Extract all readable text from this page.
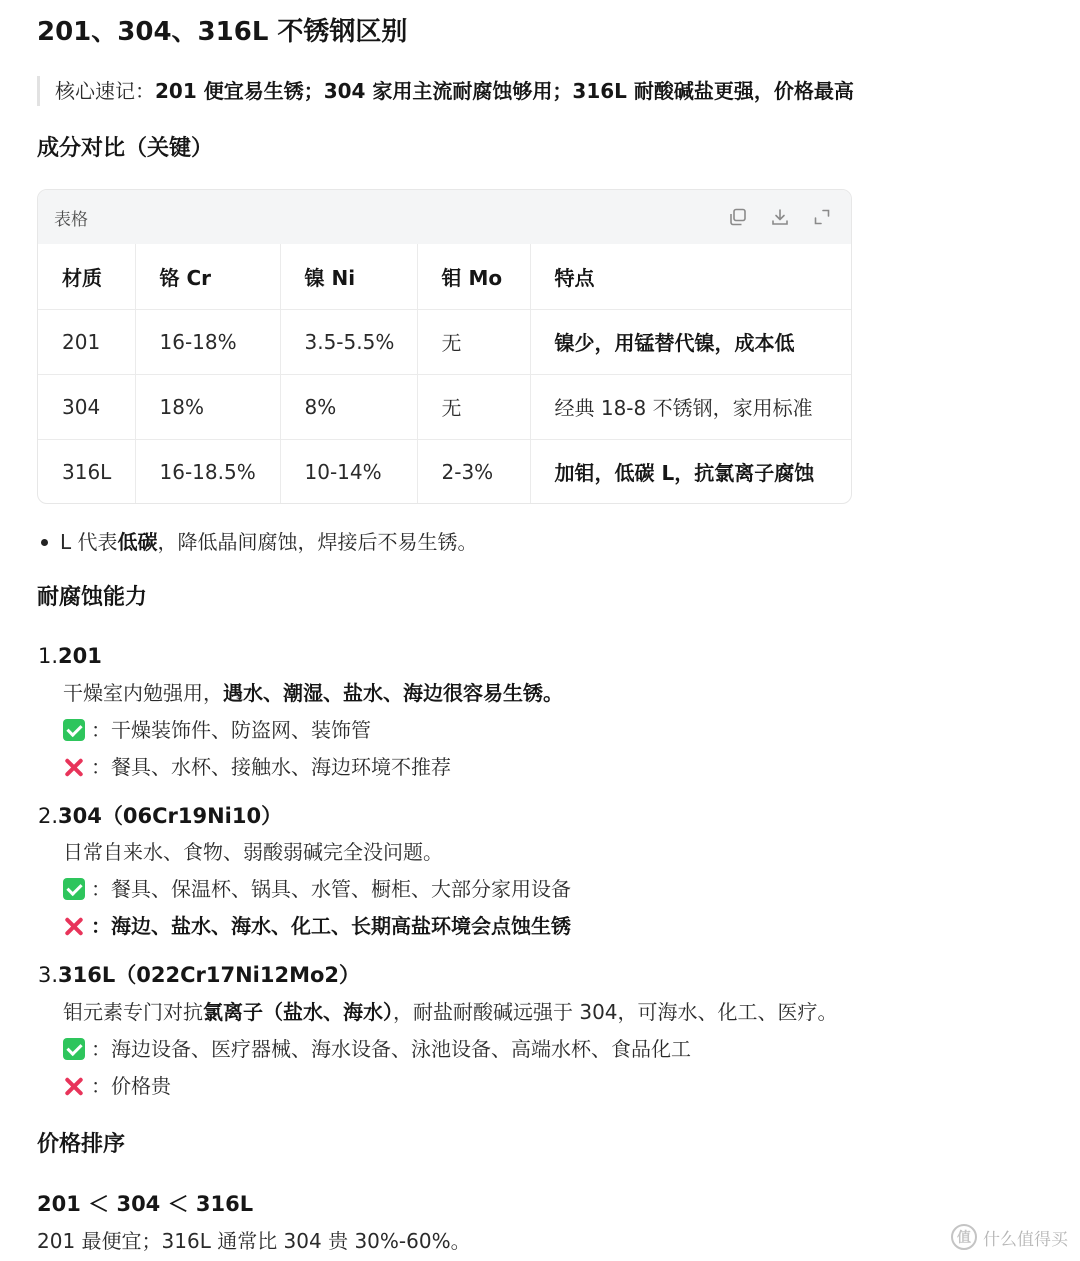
201、304、316L 不锈钢区别
核心速记：201 便宜易生锈；304 家用主流耐腐蚀够用；316L 耐酸碱盐更强，价格最高
成分对比（关键）
表格
材质	铬 Cr	镍 Ni	钼 Mo	特点
201	16-18%	3.5-5.5%	无	镍少，用锰替代镍，成本低
304	18%	8%	无	经典 18-8 不锈钢，家用标准
316L	16-18.5%	10-14%	2-3%	加钼，低碳 L，抗氯离子腐蚀
L 代表低碳，降低晶间腐蚀，焊接后不易生锈。
耐腐蚀能力
1.201
干燥室内勉强用，遇水、潮湿、盐水、海边很容易生锈。
：干燥装饰件、防盗网、装饰管
：餐具、水杯、接触水、海边环境不推荐
2.304（06Cr19Ni10）
日常自来水、食物、弱酸弱碱完全没问题。
：餐具、保温杯、锅具、水管、橱柜、大部分家用设备
：海边、盐水、海水、化工、长期高盐环境会点蚀生锈
3.316L（022Cr17Ni12Mo2）
钼元素专门对抗氯离子（盐水、海水），耐盐耐酸碱远强于 304，可海水、化工、医疗。
：海边设备、医疗器械、海水设备、泳池设备、高端水杯、食品化工
：价格贵
价格排序
201 ＜ 304 ＜ 316L
201 最便宜；316L 通常比 304 贵 30%-60%。 值	什么值得买
